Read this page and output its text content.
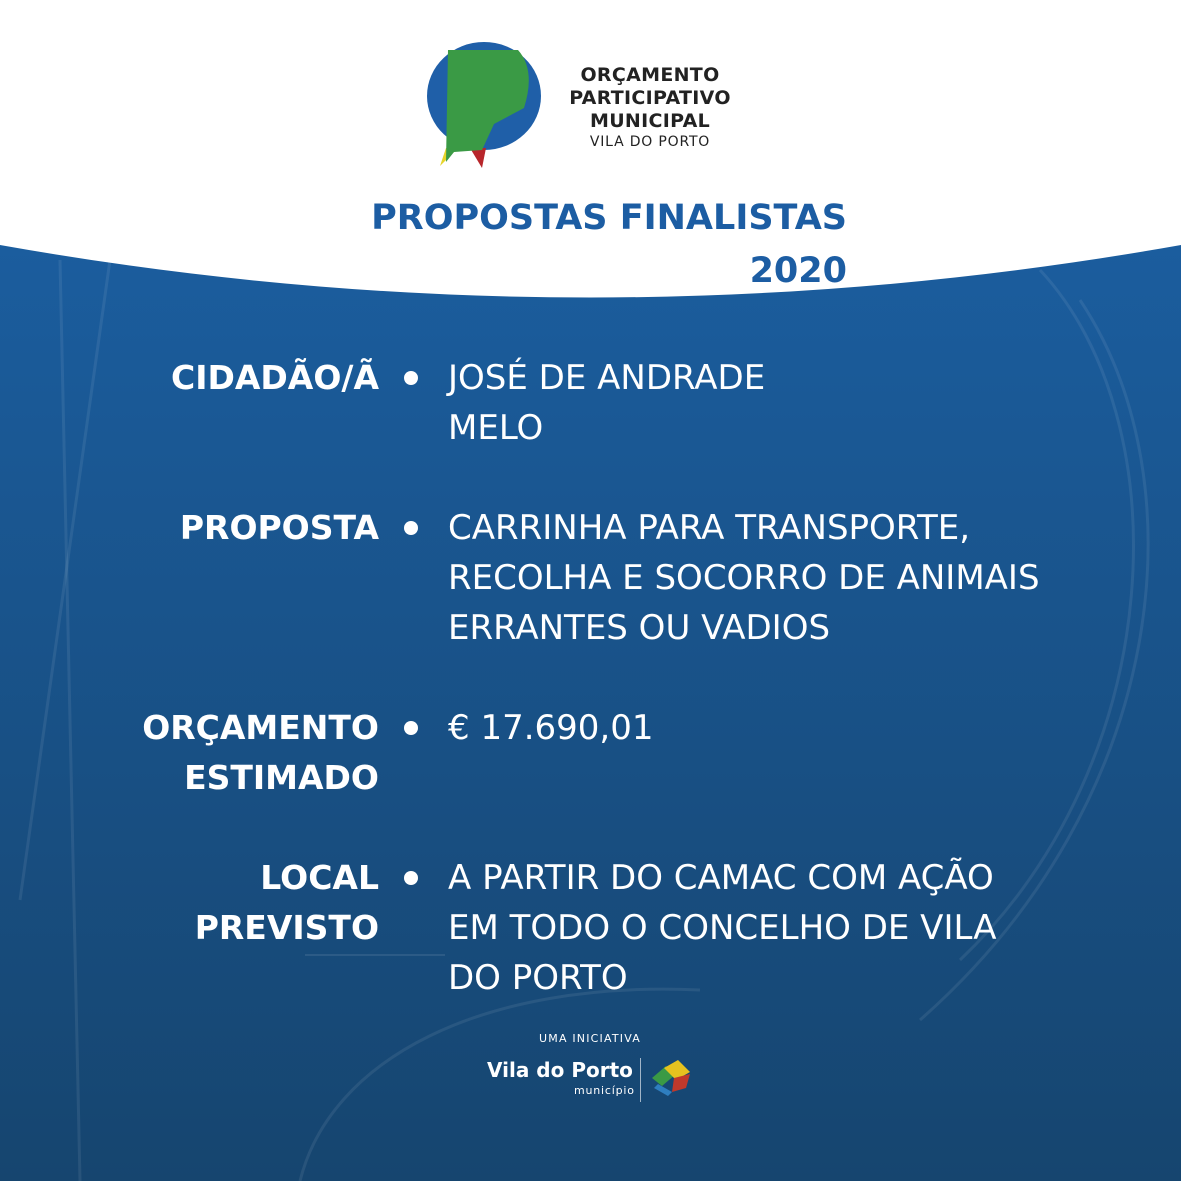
ORÇAMENTO
PARTICIPATIVO
MUNICIPAL
VILA DO PORTO
PROPOSTAS FINALISTAS
2020
CIDADÃO/Ã JOSÉ DE ANDRADE
MELO
PROPOSTA CARRINHA PARA TRANSPORTE,
RECOLHA E SOCORRO DE ANIMAIS
ERRANTES OU VADIOS
ORÇAMENTO
ESTIMADO
€ 17.690,01
LOCAL
PREVISTO
A PARTIR DO CAMAC COM AÇÃO
EM TODO O CONCELHO DE VILA
DO PORTO
UMA INICIATIVA
Vila do Porto
município
